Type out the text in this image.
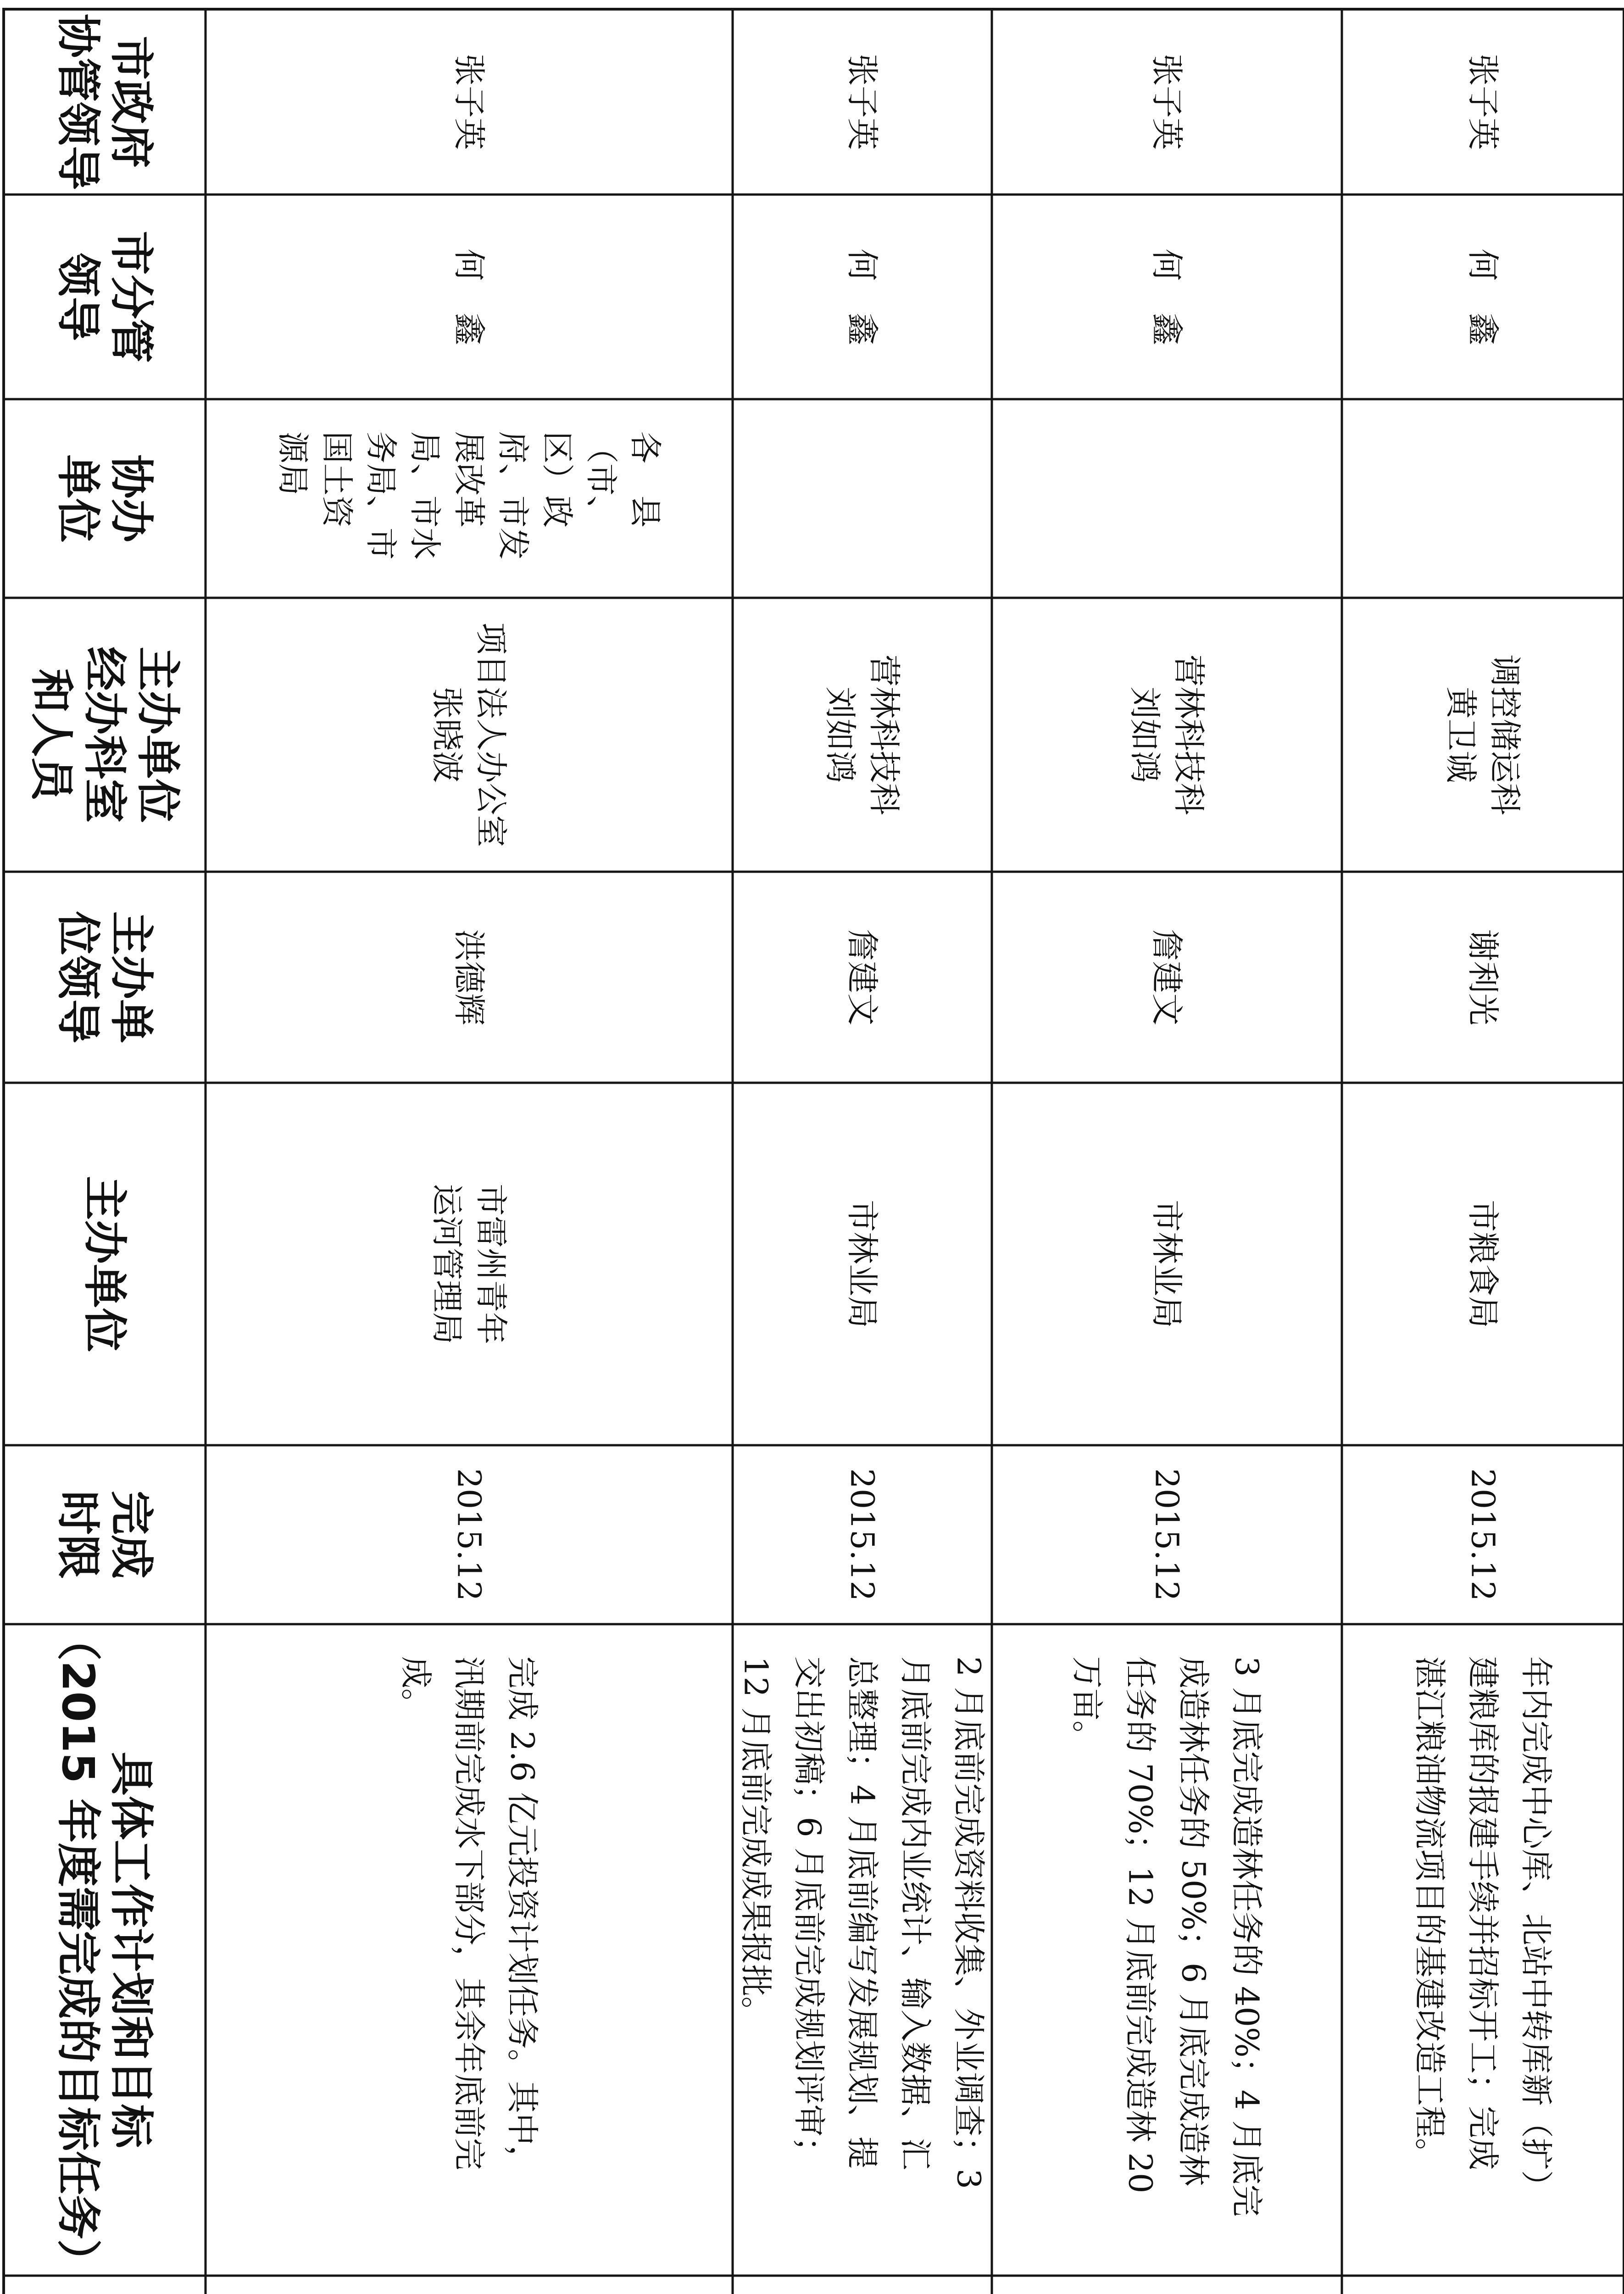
市政府
协管领导
市分管
领导
协办
单位
主办单位
经办科室
和人员
主办单
位领导
主办单位
完成
时限
具体工作计划和目标
（2015 年度需完成的目标任务）
张子英
何　鑫
各　县
（市、
区）政
府、市发
展改革
局、市水
务局、市
国土资
源局
项目法人办公室
张晓波
洪德辉
市雷州青年
运河管理局
2015.12
完成 2.6 亿元投资计划任务。其中，
汛期前完成水下部分，其余年底前完
成。
张子英
何　鑫
营林科技科
刘如鸿
詹建文
市林业局
2015.12
2 月底前完成资料收集、外业调查；3
月底前完成内业统计、输入数据、汇
总整理；4 月底前编写发展规划、提
交出初稿；6 月底前完成规划评审；
12 月底前完成成果报批。
张子英
何　鑫
营林科技科
刘如鸿
詹建文
市林业局
2015.12
3 月底完成造林任务的 40%；4 月底完
成造林任务的 50%；6 月底完成造林
任务的 70%；12 月底前完成造林 20
万亩。
张子英
何　鑫
调控储运科
黄卫诚
谢利光
市粮食局
2015.12
年内完成中心库、北站中转库新（扩）
建粮库的报建手续并招标开工；完成
湛江粮油物流项目的基建改造工程。
